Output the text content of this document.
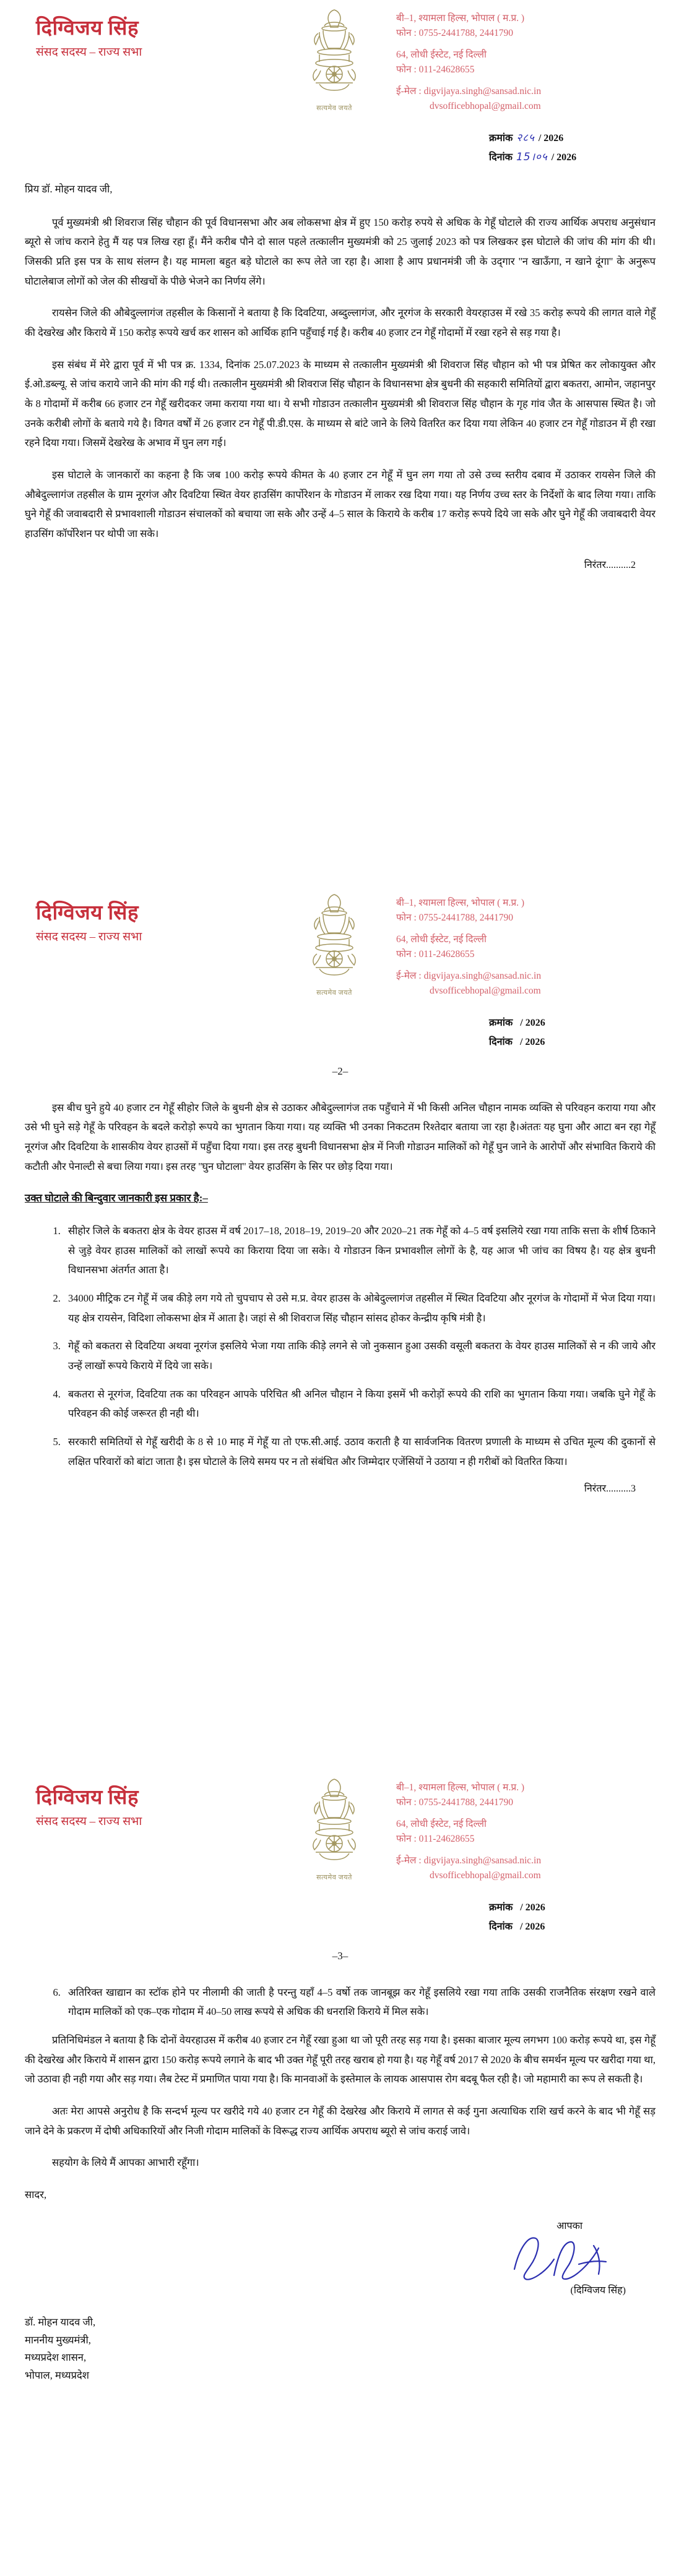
दिग्विजय सिंह
संसद सदस्य – राज्य सभा
सत्यमेव जयते
बी–1, श्यामला हिल्स, भोपाल ( म.प्र. )
फोन : 0755-2441788, 2441790
64, लोधी ईस्टेट, नई दिल्ली
फोन : 011-24628655
ई-मेल : digvijaya.singh@sansad.nic.in
dvsofficebhopal@gmail.com
क्रमांक २८५ / 2026
दिनांक 15।०५ / 2026
प्रिय डॉ. मोहन यादव जी,

पूर्व मुख्यमंत्री श्री शिवराज सिंह चौहान की पूर्व विधानसभा और अब लोकसभा क्षेत्र में हुए 150 करोड़ रुपये से अधिक के गेहूँ घोटाले की राज्य आर्थिक अपराध अनुसंधान ब्यूरो से जांच कराने हेतु मैं यह पत्र लिख रहा हूँ। मैंने करीब पौने दो साल पहले तत्कालीन मुख्यमंत्री को 25 जुलाई 2023 को पत्र लिखकर इस घोटाले की जांच की मांग की थी। जिसकी प्रति इस पत्र के साथ संलग्न है। यह मामला बहुत बड़े घोटाले का रूप लेते जा रहा है। आशा है आप प्रधानमंत्री जी के उद्‌गार ''न खाऊँगा, न खाने दूंगा'' के अनुरूप घोटालेबाज लोगों को जेल की सीखचों के पीछे भेजने का निर्णय लेंगे।

रायसेन जिले की औबेदुल्लागंज तहसील के किसानों ने बताया है कि दिवटिया, अब्दुल्लागंज, और नूरगंज के सरकारी वेयरहाउस में रखे 35 करोड़ रूपये की लागत वाले गेहूँ की देखरेख और किराये में 150 करोड़ रूपये खर्च कर शासन को आर्थिक हानि पहुँचाई गई है। करीब 40 हजार टन गेहूँ गोदामों में रखा रहने से सड़ गया है।

इस संबंध में मेरे द्वारा पूर्व में भी पत्र क्र. 1334, दिनांक 25.07.2023 के माध्यम से तत्कालीन मुख्यमंत्री श्री शिवराज सिंह चौहान को भी पत्र प्रेषित कर लोकायुक्त और ई.ओ.डब्ल्यू. से जांच कराये जाने की मांग की गई थी। तत्कालीन मुख्यमंत्री श्री शिवराज सिंह चौहान के विधानसभा क्षेत्र बुधनी की सहकारी समितियों द्वारा बकतरा, आमोन, जहानपुर के 8 गोदामों में करीब 66 हजार टन गेहूँ खरीदकर जमा कराया गया था। ये सभी गोडाउन तत्कालीन मुख्यमंत्री श्री शिवराज सिंह चौहान के गृह गांव जैत के आसपास स्थित है। जो उनके करीबी लोगों के बताये गये है। विगत वर्षों में 26 हजार टन गेहूँ पी.डी.एस. के माध्यम से बांटे जाने के लिये वितरित कर दिया गया लेकिन 40 हजार टन गेहूँ गोडाउन में ही रखा रहने दिया गया। जिसमें देखरेख के अभाव में घुन लग गई।

इस घोटाले के जानकारों का कहना है कि जब 100 करोड़ रूपये कीमत के 40 हजार टन गेहूँ में घुन लग गया तो उसे उच्च स्तरीय दबाव में उठाकर रायसेन जिले की औबेदुल्लागंज तहसील के ग्राम नूरगंज और दिवटिया स्थित वेयर हाउसिंग कार्पोरेशन के गोडाउन में लाकर रख दिया गया। यह निर्णय उच्च स्तर के निर्देशों के बाद लिया गया। ताकि घुने गेहूँ की जवाबदारी से प्रभावशाली गोडाउन संचालकों को बचाया जा सके और उन्हें 4–5 साल के किराये के करीब 17 करोड़ रूपये दिये जा सके और घुने गेहूँ की जवाबदारी वेयर हाउसिंग कॉर्पोरेशन पर थोपी जा सके।

निरंतर..........2
दिग्विजय सिंह
संसद सदस्य – राज्य सभा
सत्यमेव जयते
बी–1, श्यामला हिल्स, भोपाल ( म.प्र. )
फोन : 0755-2441788, 2441790
64, लोधी ईस्टेट, नई दिल्ली
फोन : 011-24628655
ई-मेल : digvijaya.singh@sansad.nic.in
dvsofficebhopal@gmail.com
क्रमांक / 2026
दिनांक / 2026
–2–

इस बीच घुने हुये 40 हजार टन गेहूँ सीहोर जिले के बुधनी क्षेत्र से उठाकर औबेदुल्लागंज तक पहुँचाने में भी किसी अनिल चौहान नामक व्यक्ति से परिवहन कराया गया और उसे भी घुने सड़े गेहूँ के परिवहन के बदले करोड़ो रूपये का भुगतान किया गया। यह व्यक्ति भी उनका निकटतम रिश्तेदार बताया जा रहा है।अंततः यह घुना और आटा बन रहा गेहूँ नूरगंज और दिवटिया के शासकीय वेयर हाउसों में पहुँचा दिया गया। इस तरह बुधनी विधानसभा क्षेत्र में निजी गोडाउन मालिकों को गेहूँ घुन जाने के आरोपों और संभावित किराये की कटौती और पेनाल्टी से बचा लिया गया। इस तरह ''घुन घोटाला'' वेयर हाउसिंग के सिर पर छोड़ दिया गया।

उक्त घोटाले की बिन्दुवार जानकारी इस प्रकार है:–
1. सीहोर जिले के बकतरा क्षेत्र के वेयर हाउस में वर्ष 2017–18, 2018–19, 2019–20 और 2020–21 तक गेहूँ को 4–5 वर्ष इसलिये रखा गया ताकि सत्ता के शीर्ष ठिकाने से जुड़े वेयर हाउस मालिकों को लाखों रूपये का किराया दिया जा सके। ये गोडाउन किन प्रभावशील लोगों के है, यह आज भी जांच का विषय है। यह क्षेत्र बुधनी विधानसभा अंतर्गत आता है।
2. 34000 मीट्रिक टन गेहूँ में जब कीड़े लग गये तो चुपचाप से उसे म.प्र. वेयर हाउस के ओबेदुल्लागंज तहसील में स्थित दिवटिया और नूरगंज के गोदामों में भेज दिया गया। यह क्षेत्र रायसेन, विदिशा लोकसभा क्षेत्र में आता है। जहां से श्री शिवराज सिंह चौहान सांसद होकर केन्द्रीय कृषि मंत्री है।
3. गेहूँ को बकतरा से दिवटिया अथवा नूरगंज इसलिये भेजा गया ताकि कीड़े लगने से जो नुकसान हुआ उसकी वसूली बकतरा के वेयर हाउस मालिकों से न की जाये और उन्हें लाखों रूपये किराये में दिये जा सके।
4. बकतरा से नूरगंज, दिवटिया तक का परिवहन आपके परिचित श्री अनिल चौहान ने किया इसमें भी करोड़ों रूपये की राशि का भुगतान किया गया। जबकि घुने गेहूँ के परिवहन की कोई जरूरत ही नही थी।
5. सरकारी समितियों से गेहूँ खरीदी के 8 से 10 माह में गेहूँ या तो एफ.सी.आई. उठाव कराती है या सार्वजनिक वितरण प्रणाली के माध्यम से उचित मूल्य की दुकानों से लक्षित परिवारों को बांटा जाता है। इस घोटाले के लिये समय पर न तो संबंधित और जिम्मेदार एजेंसियों ने उठाया न ही गरीबों को वितरित किया।
निरंतर..........3
दिग्विजय सिंह
संसद सदस्य – राज्य सभा
सत्यमेव जयते
बी–1, श्यामला हिल्स, भोपाल ( म.प्र. )
फोन : 0755-2441788, 2441790
64, लोधी ईस्टेट, नई दिल्ली
फोन : 011-24628655
ई-मेल : digvijaya.singh@sansad.nic.in
dvsofficebhopal@gmail.com
क्रमांक / 2026
दिनांक / 2026
–3–
6. अतिरिक्त खाद्यान का स्टॉक होने पर नीलामी की जाती है परन्तु यहाँ 4–5 वर्षो तक जानबूझ कर गेहूँ इसलिये रखा गया ताकि उसकी राजनैतिक संरक्षण रखने वाले गोदाम मालिकों को एक–एक गोदाम में 40–50 लाख रूपये से अधिक की धनराशि किराये में मिल सके।

प्रतिनिधिमंडल ने बताया है कि दोनों वेयरहाउस में करीब 40 हजार टन गेहूँ रखा हुआ था जो पूरी तरह सड़ गया है। इसका बाजार मूल्य लगभग 100 करोड़ रूपये था, इस गेहूँ की देखरेख और किराये में शासन द्वारा 150 करोड़ रूपये लगाने के बाद भी उक्त गेहूँ पूरी तरह खराब हो गया है। यह गेहूँ वर्ष 2017 से 2020 के बीच समर्थन मूल्य पर खरीदा गया था, जो उठावा ही नही गया और सड़ गया। लैब टेस्ट में प्रमाणित पाया गया है। कि मानवाओं के इस्तेमाल के लायक आसपास रोग बदबू फैल रही है। जो महामारी का रूप ले सकती है।

अतः मेरा आपसे अनुरोध है कि सन्दर्भ मूल्य पर खरीदे गये 40 हजार टन गेहूँ की देखरेख और किराये में लागत से कई गुना अत्याधिक राशि खर्च करने के बाद भी गेहूँ सड़ जाने देने के प्रकरण में दोषी अधिकारियों और निजी गोदाम मालिकों के विरूद्ध राज्य आर्थिक अपराध ब्यूरो से जांच कराई जावे।

सहयोग के लिये मैं आपका आभारी रहूँगा।

सादर,

आपका
(दिग्विजय सिंह)
डॉ. मोहन यादव जी,
माननीय मुख्यमंत्री,
मध्यप्रदेश शासन,
भोपाल, मध्यप्रदेश
